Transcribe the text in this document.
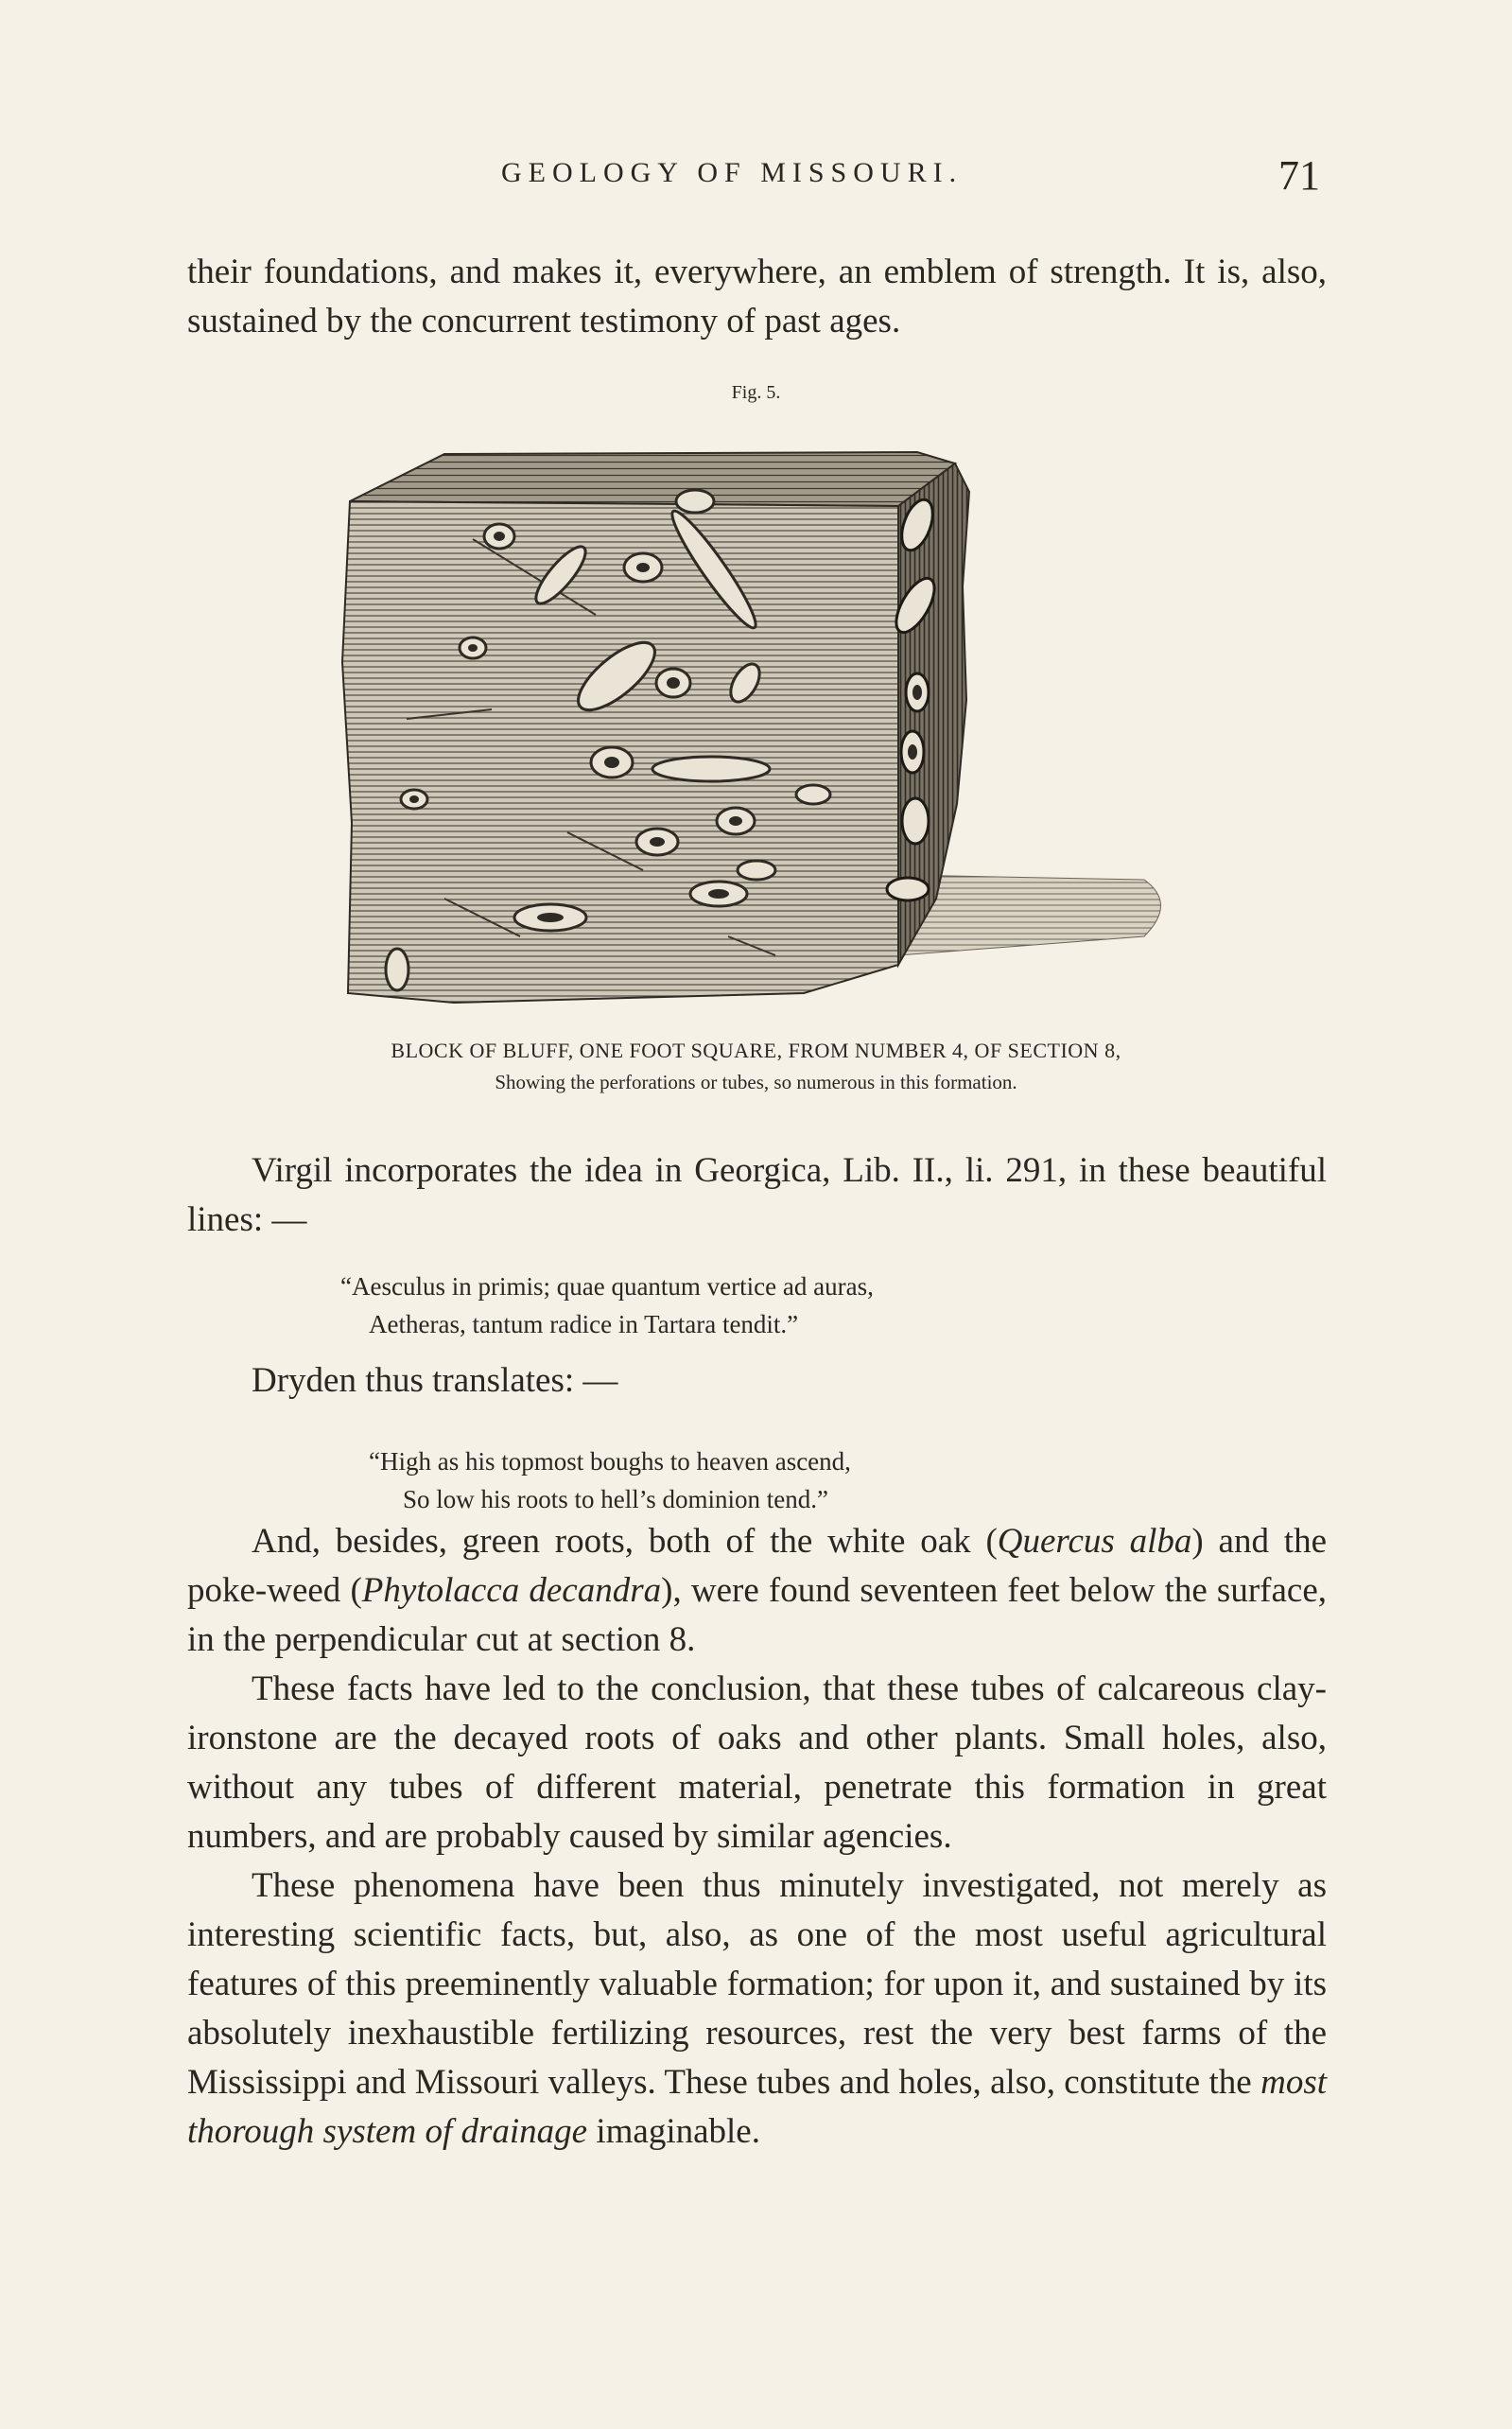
GEOLOGY OF MISSOURI.	71

their foundations, and makes it, everywhere, an emblem of strength. It is, also, sustained by the concurrent testimony of past ages.

Fig. 5.
BLOCK OF BLUFF, ONE FOOT SQUARE, FROM NUMBER 4, OF SECTION 8,
Showing the perforations or tubes, so numerous in this formation.

Virgil incorporates the idea in Georgica, Lib. II., li. 291, in these beautiful lines: —

“Aesculus in primis; quae quantum vertice ad auras,
Aetheras, tantum radice in Tartara tendit.”

Dryden thus translates: —

“High as his topmost boughs to heaven ascend,
So low his roots to hell’s dominion tend.”

And, besides, green roots, both of the white oak (Quercus alba) and the poke-weed (Phytolacca decandra), were found seventeen feet below the surface, in the perpendicular cut at section 8.

These facts have led to the conclusion, that these tubes of calcareous clay-ironstone are the decayed roots of oaks and other plants. Small holes, also, without any tubes of different material, penetrate this formation in great numbers, and are probably caused by similar agencies.

These phenomena have been thus minutely investigated, not merely as interesting scientific facts, but, also, as one of the most useful agricultural features of this preeminently valuable formation; for upon it, and sustained by its absolutely inexhaustible fertilizing resources, rest the very best farms of the Mississippi and Missouri valleys. These tubes and holes, also, constitute the most thorough system of drainage imaginable.
